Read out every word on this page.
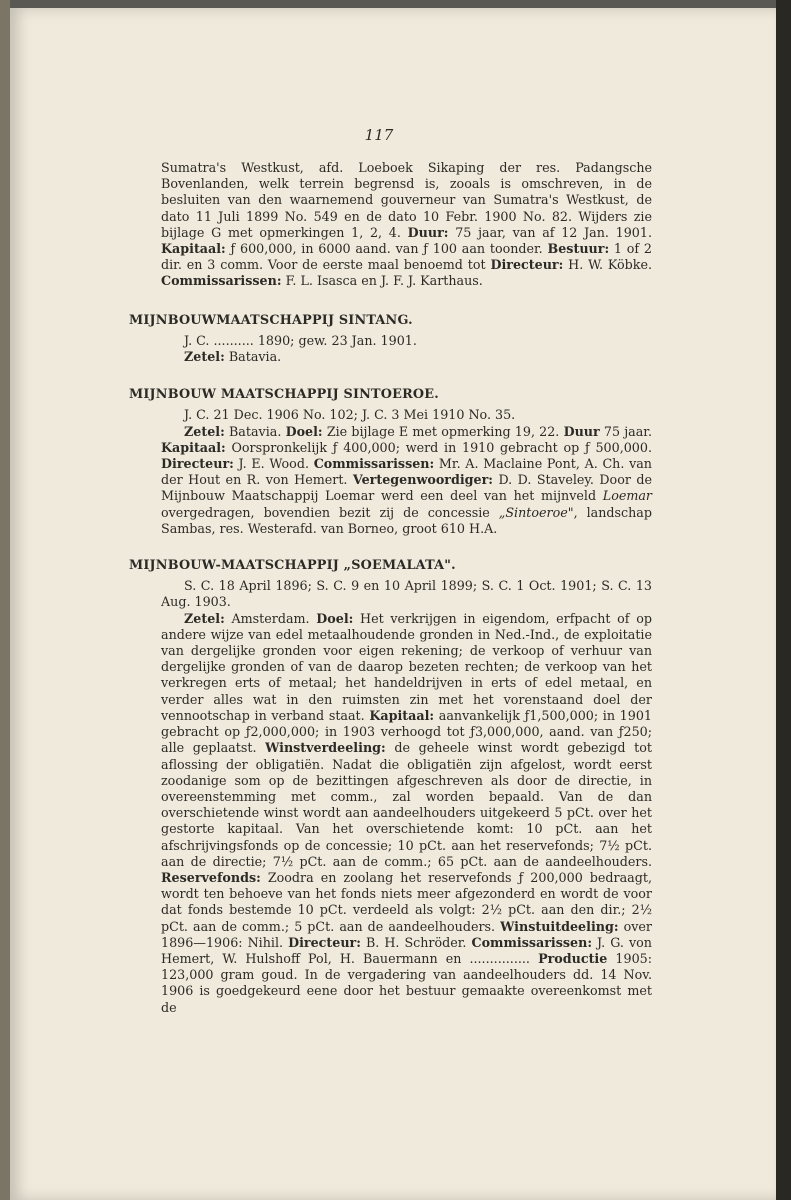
117

Sumatra's Westkust, afd. Loeboek Sikaping der res. Padangsche Bovenlanden, welk terrein begrensd is, zooals is omschreven, in de besluiten van den waarnemend gouverneur van Sumatra's Westkust, de dato 11 Juli 1899 No. 549 en de dato 10 Febr. 1900 No. 82. Wijders zie bijlage G met opmerkingen 1, 2, 4. Duur: 75 jaar, van af 12 Jan. 1901. Kapitaal: ƒ 600,000, in 6000 aand. van ƒ 100 aan toonder. Bestuur: 1 of 2 dir. en 3 comm. Voor de eerste maal benoemd tot Directeur: H. W. Köbke. Commissarissen: F. L. Isasca en J. F. J. Karthaus.

MIJNBOUWMAATSCHAPPIJ SINTANG.

J. C. .......... 1890; gew. 23 Jan. 1901.

Zetel: Batavia.

MIJNBOUW MAATSCHAPPIJ SINTOEROE.

J. C. 21 Dec. 1906 No. 102; J. C. 3 Mei 1910 No. 35.

Zetel: Batavia. Doel: Zie bijlage E met opmerking 19, 22. Duur 75 jaar. Kapitaal: Oorspronkelijk ƒ 400,000; werd in 1910 gebracht op ƒ 500,000. Directeur: J. E. Wood. Commissarissen: Mr. A. Maclaine Pont, A. Ch. van der Hout en R. von Hemert. Vertegenwoordiger: D. D. Staveley. Door de Mijnbouw Maatschappij Loemar werd een deel van het mijnveld Loemar overgedragen, bovendien bezit zij de concessie „Sintoeroe", landschap Sambas, res. Westerafd. van Borneo, groot 610 H.A.

MIJNBOUW-MAATSCHAPPIJ „SOEMALATA".

S. C. 18 April 1896; S. C. 9 en 10 April 1899; S. C. 1 Oct. 1901; S. C. 13 Aug. 1903.

Zetel: Amsterdam. Doel: Het verkrijgen in eigendom, erfpacht of op andere wijze van edel metaalhoudende gronden in Ned.-Ind., de exploitatie van dergelijke gronden voor eigen rekening; de verkoop of verhuur van dergelijke gronden of van de daarop bezeten rechten; de verkoop van het verkregen erts of metaal; het handeldrijven in erts of edel metaal, en verder alles wat in den ruimsten zin met het vorenstaand doel der vennootschap in verband staat. Kapitaal: aanvankelijk ƒ1,500,000; in 1901 gebracht op ƒ2,000,000; in 1903 verhoogd tot ƒ3,000,000, aand. van ƒ250; alle geplaatst. Winstverdeeling: de geheele winst wordt gebezigd tot aflossing der obligatiën. Nadat die obligatiën zijn afgelost, wordt eerst zoodanige som op de bezittingen afgeschreven als door de directie, in overeenstemming met comm., zal worden bepaald. Van de dan overschietende winst wordt aan aandeelhouders uitgekeerd 5 pCt. over het gestorte kapitaal. Van het overschietende komt: 10 pCt. aan het afschrijvingsfonds op de concessie; 10 pCt. aan het reservefonds; 7½ pCt. aan de directie; 7½ pCt. aan de comm.; 65 pCt. aan de aandeelhouders. Reservefonds: Zoodra en zoolang het reservefonds ƒ 200,000 bedraagt, wordt ten behoeve van het fonds niets meer afgezonderd en wordt de voor dat fonds bestemde 10 pCt. verdeeld als volgt: 2½ pCt. aan den dir.; 2½ pCt. aan de comm.; 5 pCt. aan de aandeelhouders. Winstuitdeeling: over 1896—1906: Nihil. Directeur: B. H. Schröder. Commissarissen: J. G. von Hemert, W. Hulshoff Pol, H. Bauermann en ............... Productie 1905: 123,000 gram goud. In de vergadering van aandeelhouders dd. 14 Nov. 1906 is goedgekeurd eene door het bestuur gemaakte overeenkomst met de
